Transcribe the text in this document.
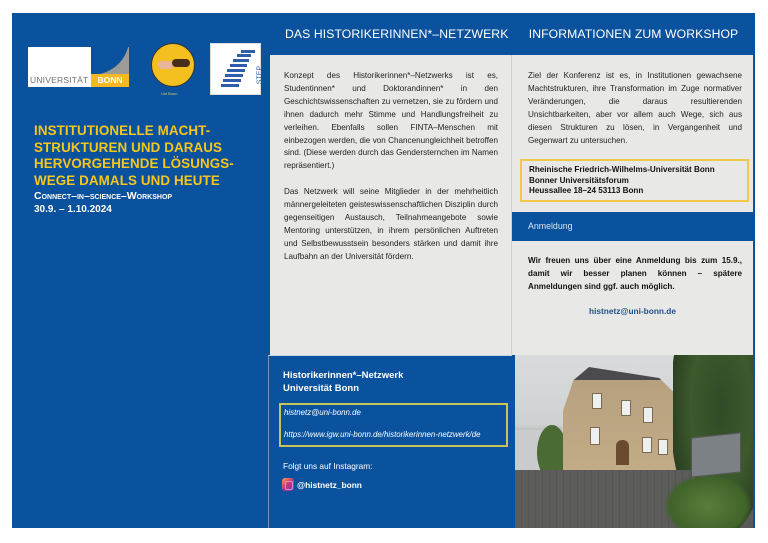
UNIVERSITÄT	BONN
Uni Bonn
STEP
INSTITUTIONELLE MACHT-
STRUKTUREN UND DARAUS
HERVORGEHENDE LÖSUNGS-
WEGE DAMALS UND HEUTE
Connect–in–science–Workshop
30.9. – 1.10.2024
DAS HISTORIKERINNEN*–NETZWERK

Konzept des Historikerinnen*–Netzwerks ist es, Studentinnen* und Doktorandinnen* in den Geschichtswissenschaften zu vernetzen, sie zu fördern und ihnen dadurch mehr Stimme und Handlungsfreiheit zu verleihen. Ebenfalls sollen FINTA–Menschen mit einbezogen werden, die von Chancenungleichheit betroffen sind. (Diese werden durch das Gendersternchen im Namen repräsentiert.)

Das Netzwerk will seine Mitglieder in der mehrheitlich männergeleiteten geisteswissenschaftlichen Disziplin durch gegenseitigen Austausch, Teilnahmeangebote sowie Mentoring unterstützen, in ihrem persönlichen Auftreten und Selbstbewusstsein besonders stärken und damit ihre Laufbahn an der Universität fördern.

Historikerinnen*–Netzwerk
Universität Bonn
histnetz@uni-bonn.de
https://www.igw.uni-bonn.de/historikerinnen-netzwerk/de
Folgt uns auf Instagram:
@histnetz_bonn
INFORMATIONEN ZUM WORKSHOP

Ziel der Konferenz ist es, in Institutionen gewachsene Machtstrukturen, ihre Transformation im Zuge normativer Veränderungen, die daraus resultierenden Unsichtbarkeiten, aber vor allem auch Wege, sich aus diesen Strukturen zu lösen, in Vergangenheit und Gegenwart zu untersuchen.

Rheinische Friedrich-Wilhelms-Universität Bonn
Bonner Universitätsforum
Heussallee 18–24 53113 Bonn
Anmeldung
Wir freuen uns über eine Anmeldung bis zum 15.9., damit wir besser planen können – spätere Anmeldungen sind ggf. auch möglich.
histnetz@uni-bonn.de
